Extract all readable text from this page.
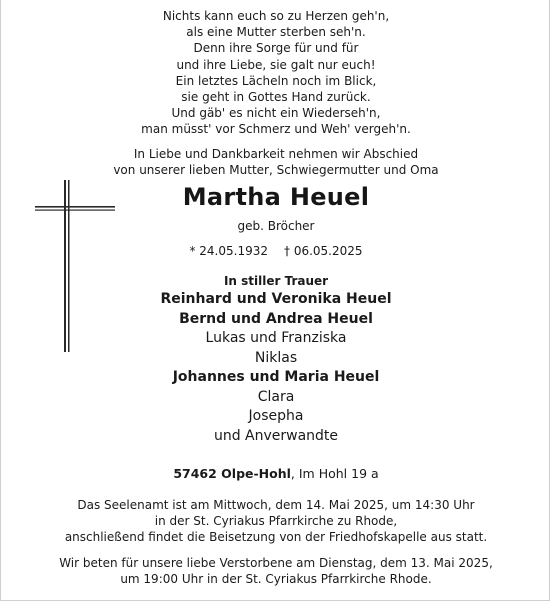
Nichts kann euch so zu Herzen geh'n,
als eine Mutter sterben seh'n.
Denn ihre Sorge für und für
und ihre Liebe, sie galt nur euch!
Ein letztes Lächeln noch im Blick,
sie geht in Gottes Hand zurück.
Und gäb' es nicht ein Wiederseh'n,
man müsst' vor Schmerz und Weh' vergeh'n.
In Liebe und Dankbarkeit nehmen wir Abschied
von unserer lieben Mutter, Schwiegermutter und Oma
Martha Heuel
geb. Bröcher
* 24.05.1932 † 06.05.2025
In stiller Trauer
Reinhard und Veronika Heuel
Bernd und Andrea Heuel
Lukas und Franziska
Niklas
Johannes und Maria Heuel
Clara
Josepha
und Anverwandte
57462 Olpe-Hohl, Im Hohl 19 a
Das Seelenamt ist am Mittwoch, dem 14. Mai 2025, um 14:30 Uhr
in der St. Cyriakus Pfarrkirche zu Rhode,
anschließend findet die Beisetzung von der Friedhofskapelle aus statt.
Wir beten für unsere liebe Verstorbene am Dienstag, dem 13. Mai 2025,
um 19:00 Uhr in der St. Cyriakus Pfarrkirche Rhode.
